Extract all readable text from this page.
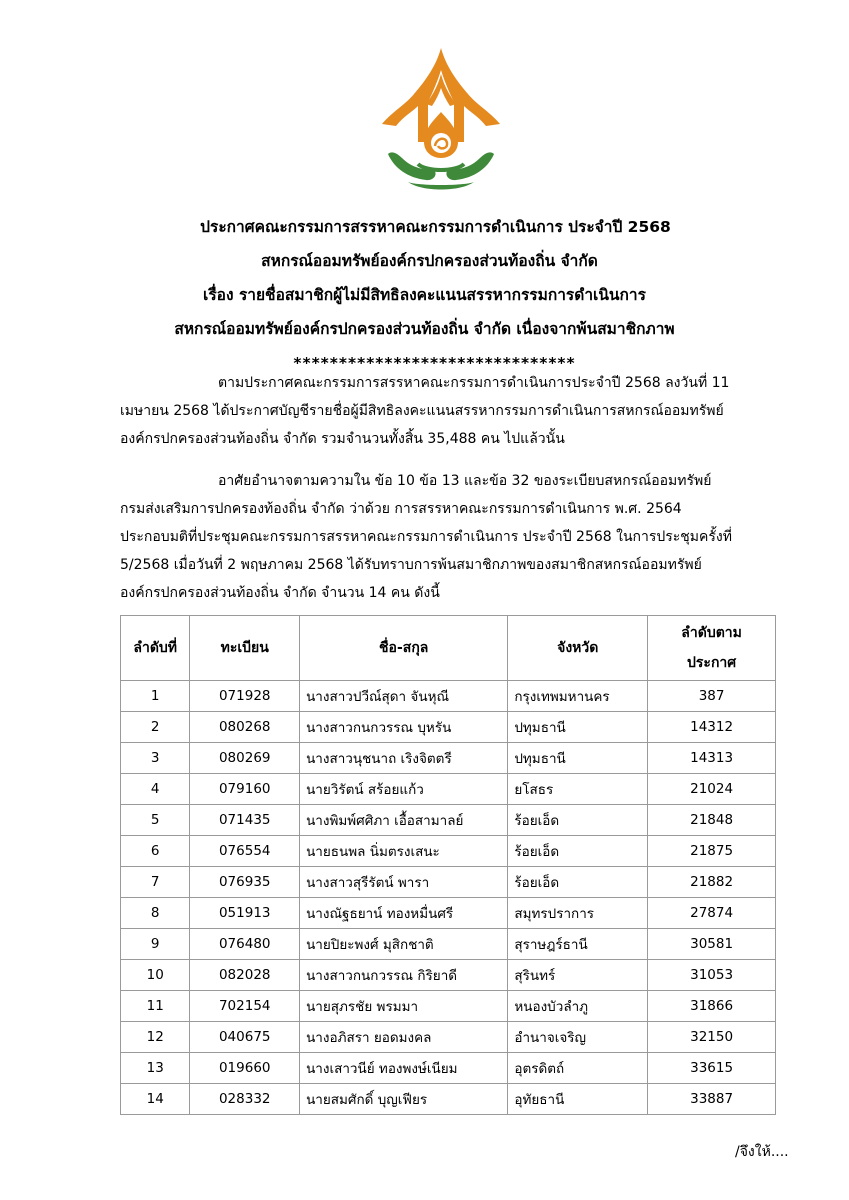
ประกาศคณะกรรมการสรรหาคณะกรรมการดำเนินการ ประจำปี 2568
สหกรณ์ออมทรัพย์องค์กรปกครองส่วนท้องถิ่น จำกัด
เรื่อง รายชื่อสมาชิกผู้ไม่มีสิทธิลงคะแนนสรรหากรรมการดำเนินการ
สหกรณ์ออมทรัพย์องค์กรปกครองส่วนท้องถิ่น จำกัด เนื่องจากพ้นสมาชิกภาพ
*******************************
ตามประกาศคณะกรรมการสรรหาคณะกรรมการดำเนินการประจำปี 2568 ลงวันที่ 11
เมษายน 2568 ได้ประกาศบัญชีรายชื่อผู้มีสิทธิลงคะแนนสรรหากรรมการดำเนินการสหกรณ์ออมทรัพย์
องค์กรปกครองส่วนท้องถิ่น จำกัด รวมจำนวนทั้งสิ้น 35,488 คน ไปแล้วนั้น
อาศัยอำนาจตามความใน ข้อ 10 ข้อ 13 และข้อ 32 ของระเบียบสหกรณ์ออมทรัพย์
กรมส่งเสริมการปกครองท้องถิ่น จำกัด ว่าด้วย การสรรหาคณะกรรมการดำเนินการ พ.ศ. 2564
ประกอบมติที่ประชุมคณะกรรมการสรรหาคณะกรรมการดำเนินการ ประจำปี 2568 ในการประชุมครั้งที่
5/2568 เมื่อวันที่ 2 พฤษภาคม 2568 ได้รับทราบการพ้นสมาชิกภาพของสมาชิกสหกรณ์ออมทรัพย์
องค์กรปกครองส่วนท้องถิ่น จำกัด จำนวน 14 คน ดังนี้
ลำดับที่	ทะเบียน	ชื่อ-สกุล	จังหวัด	ลำดับตาม
ประกาศ

1	071928	นางสาวปวีณ์สุดา จันหุณี	กรุงเทพมหานคร	387
2	080268	นางสาวกนกวรรณ บุหรัน	ปทุมธานี	14312
3	080269	นางสาวนุชนาถ เริงจิตตรี	ปทุมธานี	14313
4	079160	นายวิรัตน์ สร้อยแก้ว	ยโสธร	21024
5	071435	นางพิมพ์ศศิภา เอื้อสามาลย์	ร้อยเอ็ด	21848
6	076554	นายธนพล นิ่มตรงเสนะ	ร้อยเอ็ด	21875
7	076935	นางสาวสุรีรัตน์ พารา	ร้อยเอ็ด	21882
8	051913	นางณัฐธยาน์ ทองหมื่นศรี	สมุทรปราการ	27874
9	076480	นายปิยะพงศ์ มุสิกชาติ	สุราษฎร์ธานี	30581
10	082028	นางสาวกนกวรรณ กิริยาดี	สุรินทร์	31053
11	702154	นายสุภรชัย พรมมา	หนองบัวลำภู	31866
12	040675	นางอภิสรา ยอดมงคล	อำนาจเจริญ	32150
13	019660	นางเสาวนีย์ ทองพงษ์เนียม	อุตรดิตถ์	33615
14	028332	นายสมศักดิ์ บุญเฟียร	อุทัยธานี	33887
/จึงให้....
